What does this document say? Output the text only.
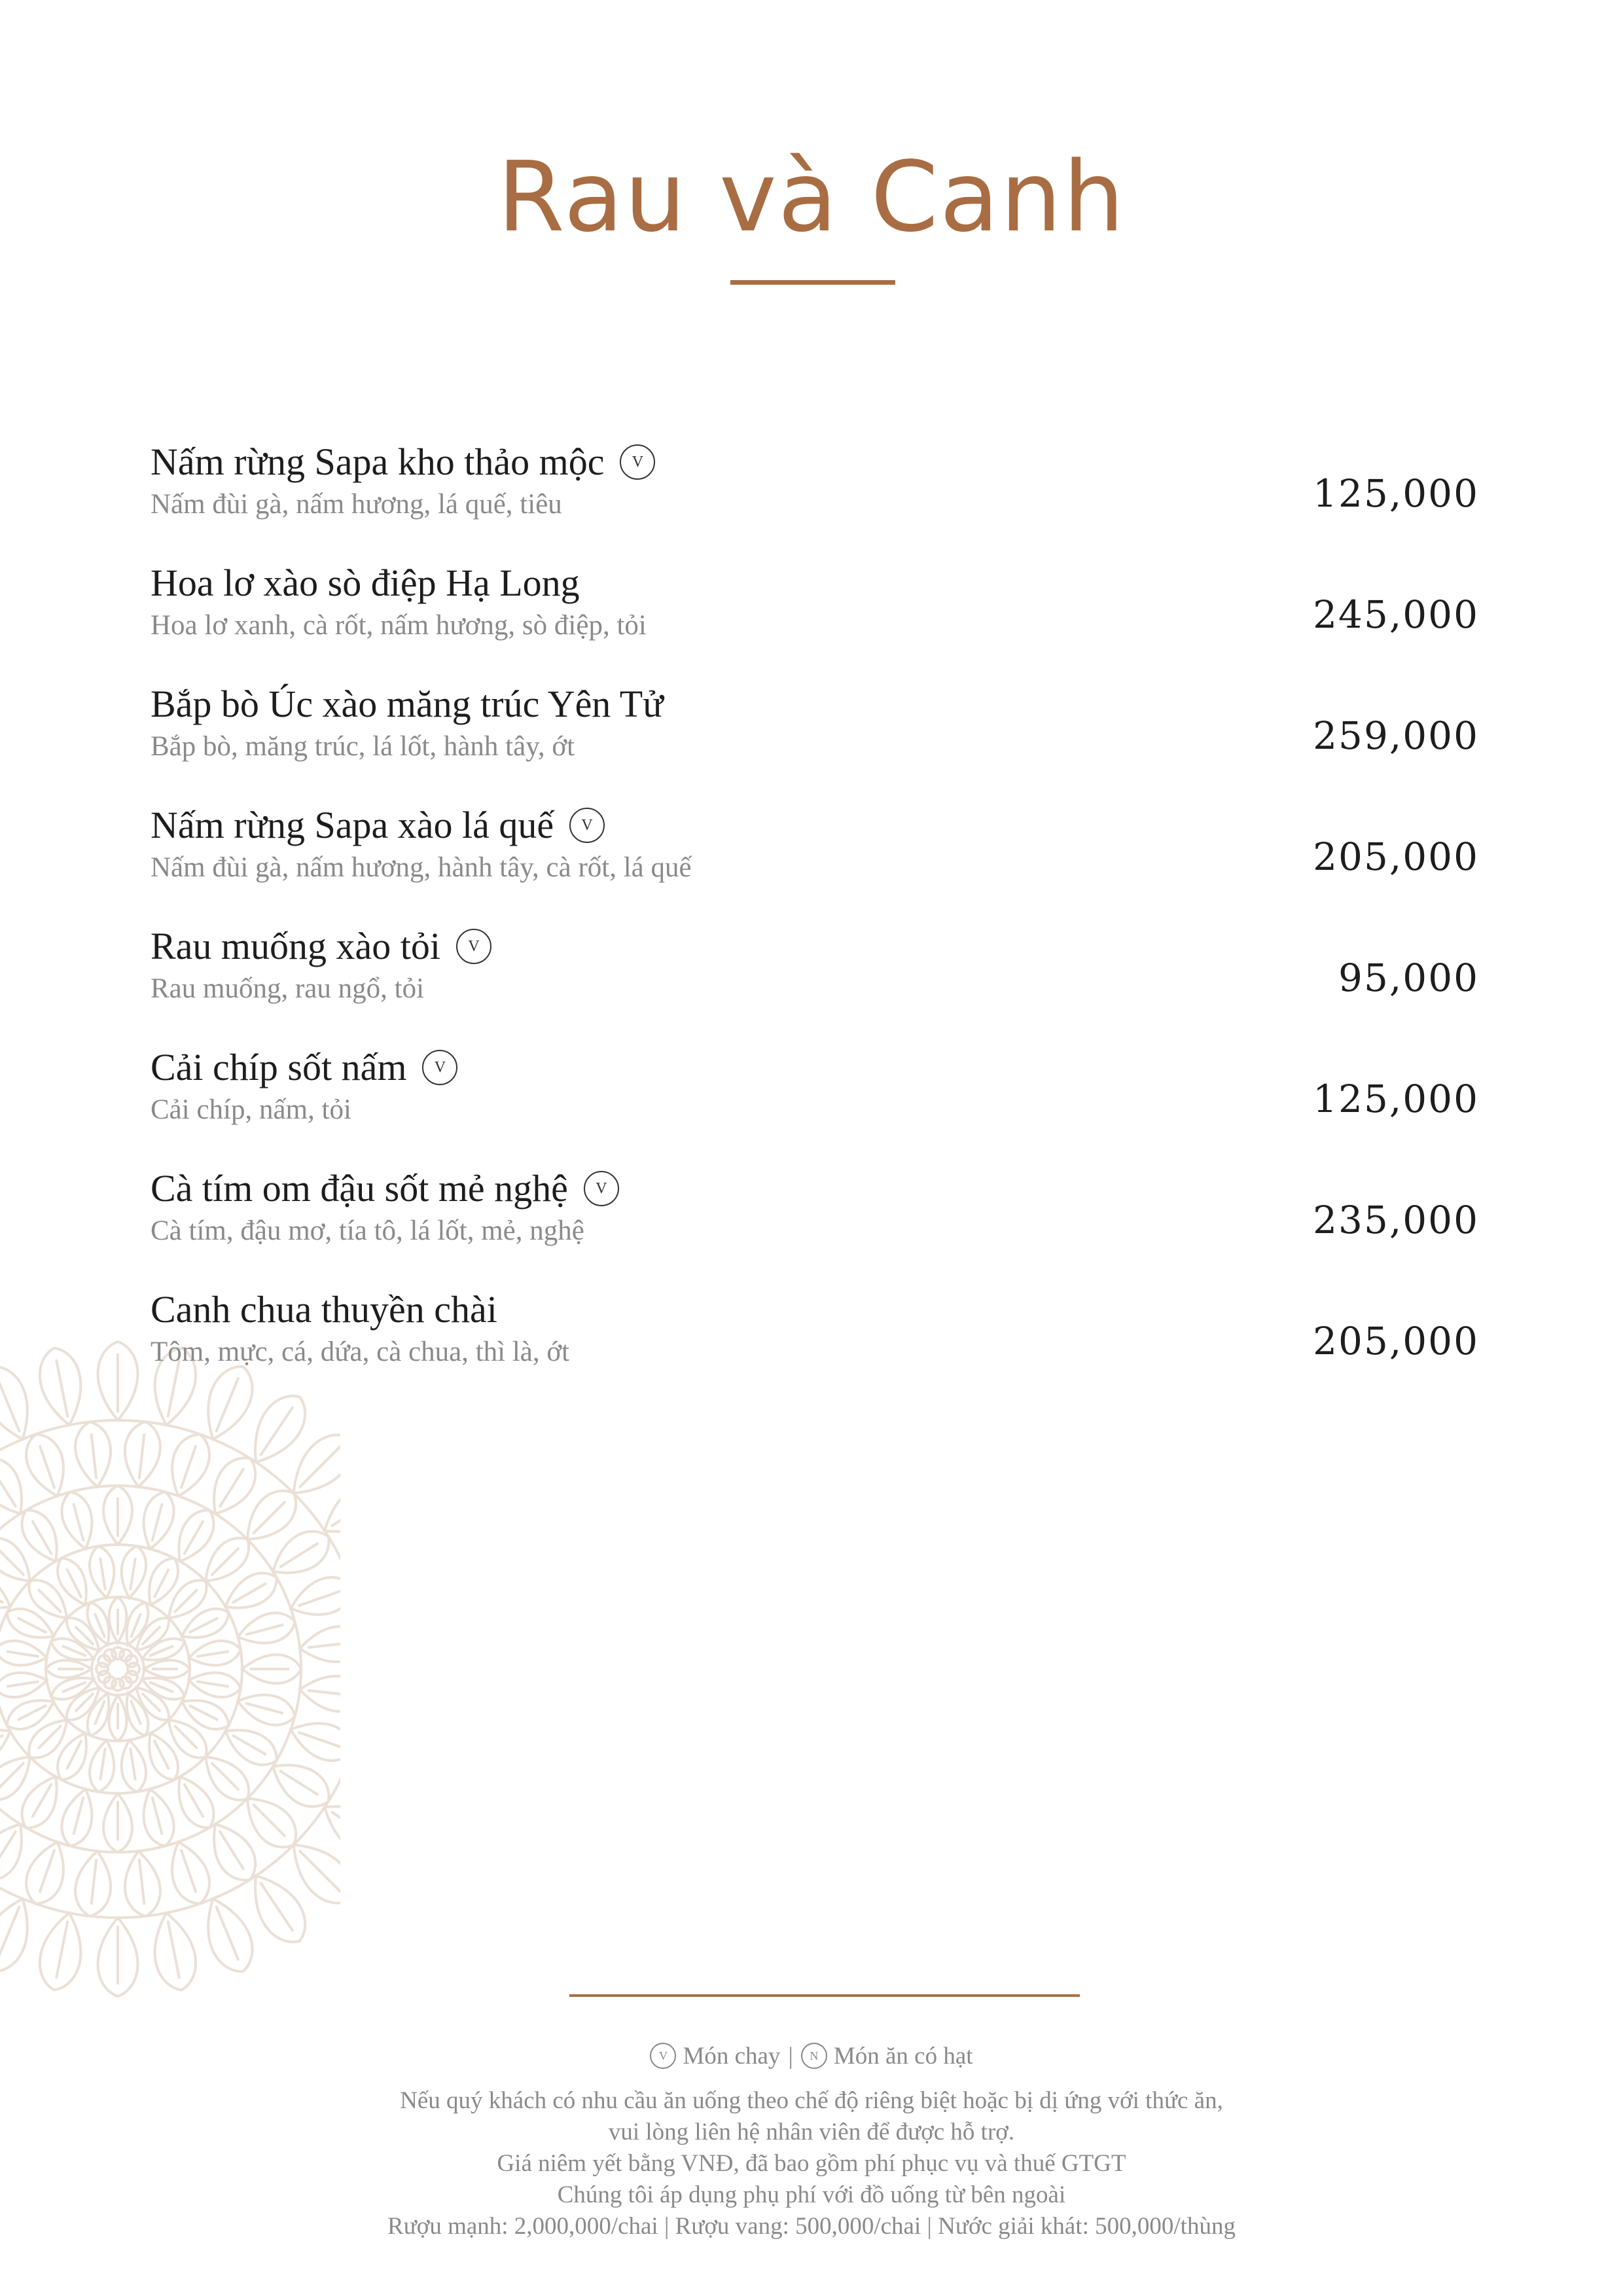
Rau và Canh
Nấm rừng Sapa kho thảo mộc V
Nấm đùi gà, nấm hương, lá quế, tiêu	125,000
Hoa lơ xào sò điệp Hạ Long
Hoa lơ xanh, cà rốt, nấm hương, sò điệp, tỏi	245,000
Bắp bò Úc xào măng trúc Yên Tử
Bắp bò, măng trúc, lá lốt, hành tây, ớt	259,000
Nấm rừng Sapa xào lá quế V
Nấm đùi gà, nấm hương, hành tây, cà rốt, lá quế	205,000
Rau muống xào tỏi V
Rau muống, rau ngổ, tỏi	95,000
Cải chíp sốt nấm V
Cải chíp, nấm, tỏi	125,000
Cà tím om đậu sốt mẻ nghệ V
Cà tím, đậu mơ, tía tô, lá lốt, mẻ, nghệ	235,000
Canh chua thuyền chài
Tôm, mực, cá, dứa, cà chua, thì là, ớt	205,000
V Món chay | N Món ăn có hạt
Nếu quý khách có nhu cầu ăn uống theo chế độ riêng biệt hoặc bị dị ứng với thức ăn,
vui lòng liên hệ nhân viên để được hỗ trợ.
Giá niêm yết bằng VNĐ, đã bao gồm phí phục vụ và thuế GTGT
Chúng tôi áp dụng phụ phí với đồ uống từ bên ngoài
Rượu mạnh: 2,000,000/chai | Rượu vang: 500,000/chai | Nước giải khát: 500,000/thùng
